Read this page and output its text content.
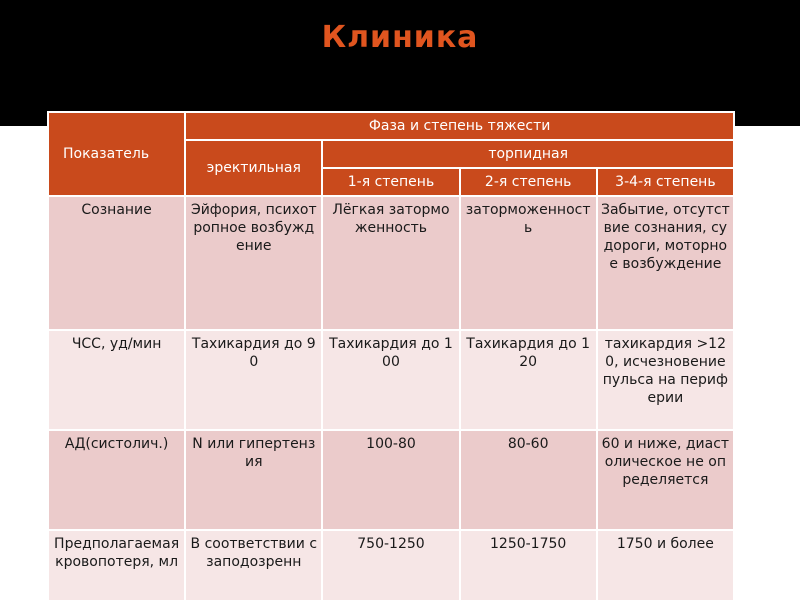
Клиника
Показатель	Фаза и степень тяжести			
	эректильная	торпидная		
		1-я степень	2-я степень	3-4-я степень
Сознание	Эйфория, психотропное возбуждение	Лёгкая заторможенность	заторможенность	Забытие, отсутствие сознания, судороги, моторное возбуждение
ЧСС, уд/мин	Тахикардия до 90	Тахикардия до 100	Тахикардия до 120	тахикардия >120, исчезновение пульса на периферии
АД(систолич.)	N или гипертензия	100-80	80-60	60 и ниже, диастолическое не определяется
Предполагаемая кровопотеря, мл	В соответствии с заподозренн	750-1250	1250-1750	1750 и более
